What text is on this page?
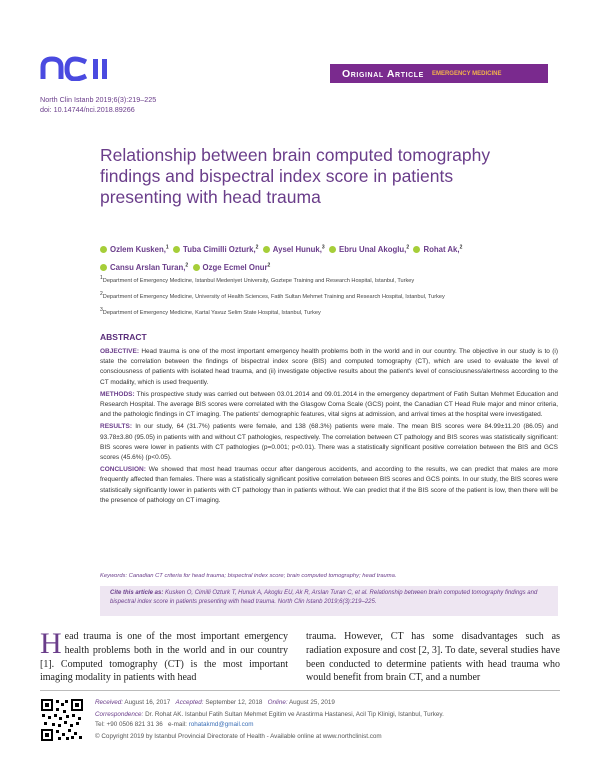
Original Article EMERGENCY MEDICINE
North Clin Istanb 2019;6(3):219–225
doi: 10.14744/nci.2018.89266
Relationship between brain computed tomography findings and bispectral index score in patients presenting with head trauma
Ozlem Kusken,$^1$ Tuba Cimilli Ozturk,$^2$ Aysel Hunuk,$^3$ Ebru Unal Akoglu,$^2$ Rohat Ak,$^2$
Cansu Arslan Turan,$^2$ Ozge Ecmel Onur$^2$
1Department of Emergency Medicine, Istanbul Medeniyet University, Goztepe Training and Research Hospital, Istanbul, Turkey
2Department of Emergency Medicine, University of Health Sciences, Fatih Sultan Mehmet Training and Research Hospital, Istanbul, Turkey
3Department of Emergency Medicine, Kartal Yavuz Selim State Hospital, Istanbul, Turkey
ABSTRACT

OBJECTIVE: Head trauma is one of the most important emergency health problems both in the world and in our country. The objective in our study is to (i) state the correlation between the findings of bispectral index score (BIS) and computed tomography (CT), which are used to evaluate the level of consciousness of patients with isolated head trauma, and (ii) investigate objective results about the patient's level of consciousness/alertness according to the CT modality, which is used frequently.

METHODS: This prospective study was carried out between 03.01.2014 and 09.01.2014 in the emergency department of Fatih Sultan Mehmet Education and Research Hospital. The average BIS scores were correlated with the Glasgow Coma Scale (GCS) point, the Canadian CT Head Rule major and minor criteria, and the pathologic findings in CT imaging. The patients' demographic features, vital signs at admission, and arrival times at the hospital were investigated.

RESULTS: In our study, 64 (31.7%) patients were female, and 138 (68.3%) patients were male. The mean BIS scores were 84.99±11.20 (86.05) and 93.78±3.80 (95.05) in patients with and without CT pathologies, respectively. The correlation between CT pathology and BIS scores was statistically significant: BIS scores were lower in patients with CT pathologies (p=0.001; p<0.01). There was a statistically significant positive correlation between the BIS and GCS scores (45.6%) (p<0.05).

CONCLUSION: We showed that most head traumas occur after dangerous accidents, and according to the results, we can predict that males are more frequently affected than females. There was a statistically significant positive correlation between BIS scores and GCS points. In our study, the BIS scores were statistically significantly lower in patients with CT pathology than in patients without. We can predict that if the BIS score of the patient is low, then there will be the presence of pathology on CT imaging.

Keywords: Canadian CT criteria for head trauma; bispectral index score; brain computed tomography; head trauma.
Cite this article as: Kusken O, Cimilli Ozturk T, Hunuk A, Akoglu EU, Ak R, Arslan Turan C, et al. Relationship between brain computed tomography findings and bispectral index score in patients presenting with head trauma. North Clin Istanb 2019;6(3):219–225.
Head trauma is one of the most important emergency health problems both in the world and in our country [1]. Computed tomography (CT) is the most important imaging modality in patients with head
trauma. However, CT has some disadvantages such as radiation exposure and cost [2, 3]. To date, several studies have been conducted to determine patients with head trauma who would benefit from brain CT, and a number
Received: August 16, 2017 Accepted: September 12, 2018 Online: August 25, 2019
Correspondence: Dr. Rohat AK. Istanbul Fatih Sultan Mehmet Egitim ve Arastirma Hastanesi, Acil Tip Klinigi, Istanbul, Turkey.
Tel: +90 0506 821 31 36 e-mail: rohatakmd@gmail.com
© Copyright 2019 by Istanbul Provincial Directorate of Health - Available online at www.northclinist.com
